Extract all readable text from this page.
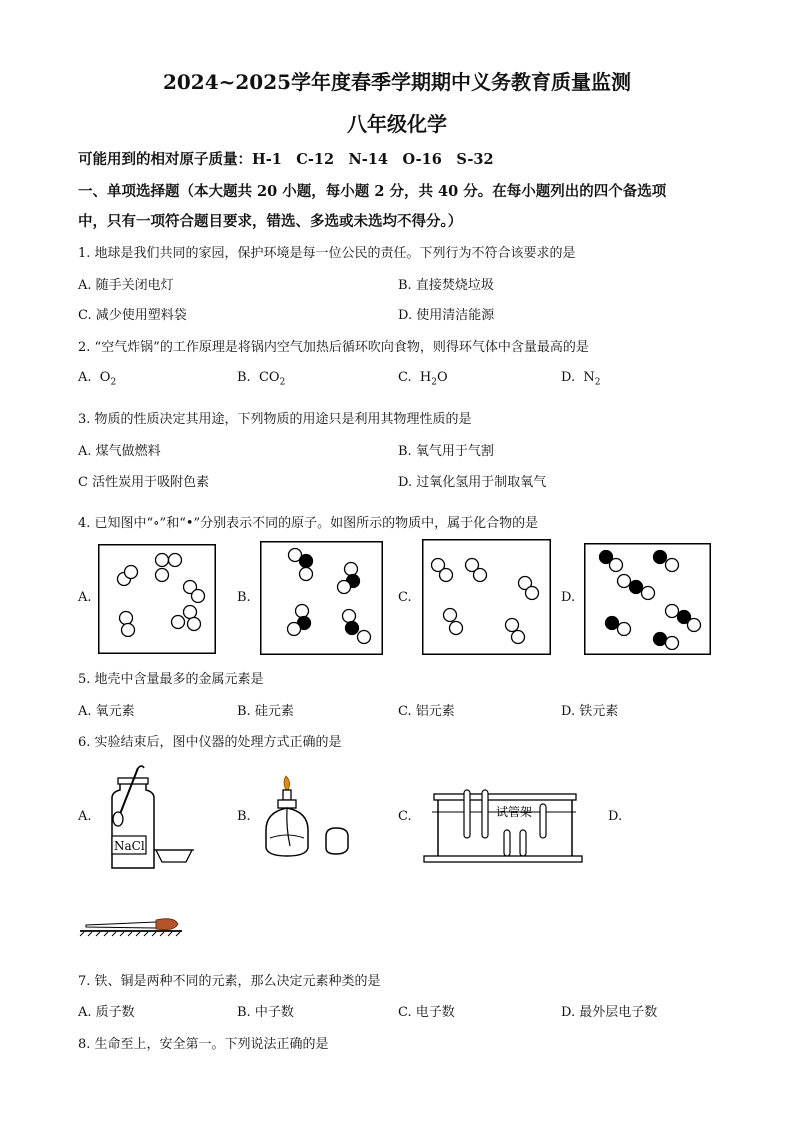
2024~2025学年度春季学期期中义务教育质量监测
八年级化学
可能用到的相对原子质量：H-1　C-12　N-14　O-16　S-32
一、单项选择题（本大题共 20 小题，每小题 2 分，共 40 分。在每小题列出的四个备选项
中，只有一项符合题目要求，错选、多选或未选均不得分。）
1. 地球是我们共同的家园，保护环境是每一位公民的责任。下列行为不符合该要求的是
A. 随手关闭电灯	B. 直接焚烧垃圾
C. 减少使用塑料袋	D. 使用清洁能源
2. “空气炸锅”的工作原理是将锅内空气加热后循环吹向食物，则得环气体中含量最高的是
A. $O_2$	B. $CO_2$	C. $H_2O$	D. $N_2$
3. 物质的性质决定其用途，下列物质的用途只是利用其物理性质的是
A. 煤气做燃料	B. 氧气用于气割
C 活性炭用于吸附色素	D. 过氧化氢用于制取氧气
4. 已知图中“∘”和“•”分别表示不同的原子。如图所示的物质中，属于化合物的是
A.	B.	C.	D.
5. 地壳中含量最多的金属元素是
A. 氧元素	B. 硅元素	C. 铝元素	D. 铁元素
6. 实验结束后，图中仪器的处理方式正确的是
A.
NaCl
B.	C.	试管架	D.
7. 铁、铜是两种不同的元素，那么决定元素种类的是
A. 质子数	B. 中子数	C. 电子数	D. 最外层电子数
8. 生命至上，安全第一。下列说法正确的是
